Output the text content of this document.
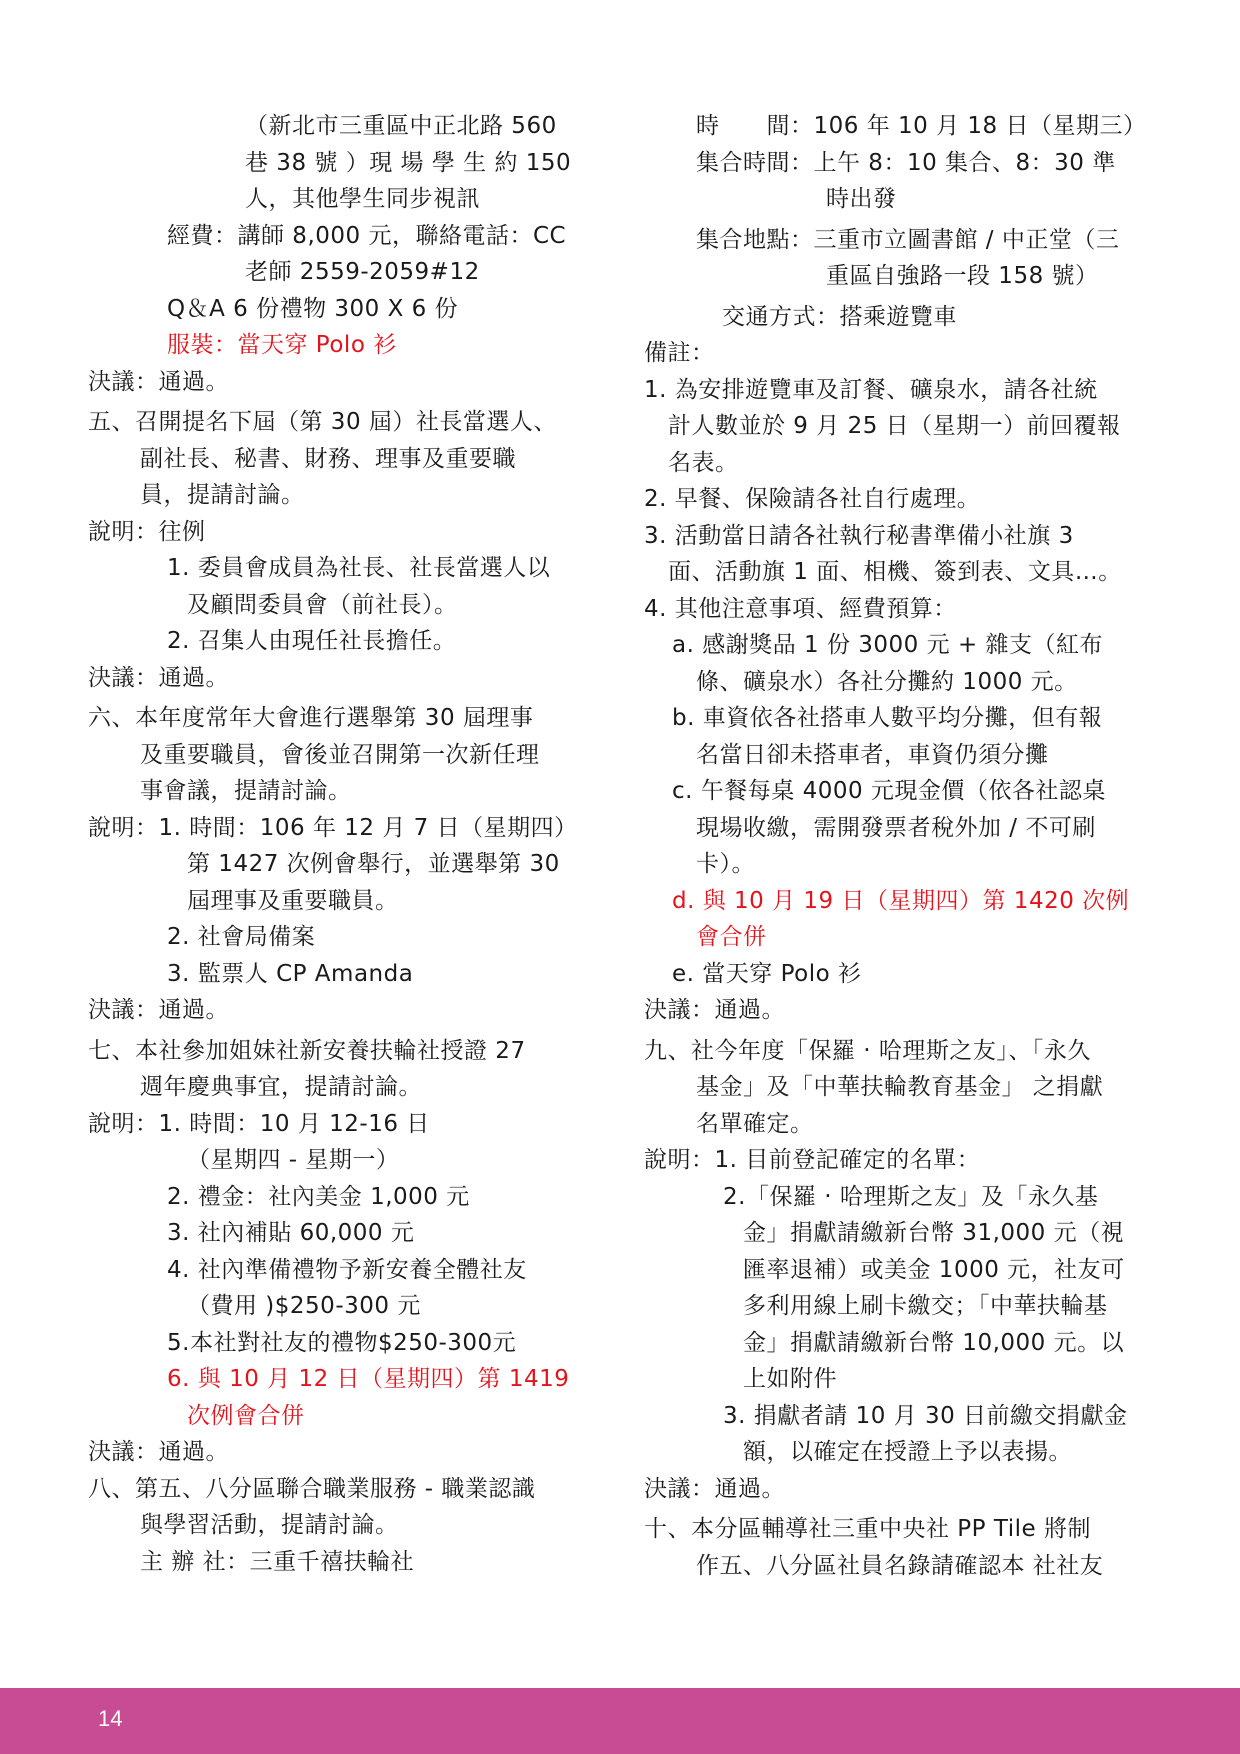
（新北市三重區中正北路 560
巷 38 號 ）現 場 學 生 約 150
人，其他學生同步視訊
經費：講師 8,000 元，聯絡電話：CC
老師 2559-2059#12
Q＆A 6 份禮物 300 X 6 份
服裝：當天穿 Polo 衫
決議：通過。
五、召開提名下屆（第 30 屆）社長當選人、
副社長、秘書、財務、理事及重要職
員，提請討論。
說明：往例
1. 委員會成員為社長、社長當選人以
及顧問委員會（前社長）。
2. 召集人由現任社長擔任。
決議：通過。
六、本年度常年大會進行選舉第 30 屆理事
及重要職員，會後並召開第一次新任理
事會議，提請討論。
說明：1. 時間：106 年 12 月 7 日（星期四）
第 1427 次例會舉行，並選舉第 30
屆理事及重要職員。
2. 社會局備案
3. 監票人 CP Amanda
決議：通過。
七、本社參加姐妹社新安養扶輪社授證 27
週年慶典事宜，提請討論。
說明：1. 時間：10 月 12-16 日
（星期四 - 星期一）
2. 禮金：社內美金 1,000 元
3. 社內補貼 60,000 元
4. 社內準備禮物予新安養全體社友
（費用 )$250-300 元
5.本社對社友的禮物$250-300元
6. 與 10 月 12 日（星期四）第 1419
次例會合併
決議：通過。
八、第五、八分區聯合職業服務 - 職業認識
與學習活動，提請討論。
主 辦 社：三重千禧扶輪社
時　　間：106 年 10 月 18 日（星期三）
集合時間：上午 8：10 集合、8：30 準
時出發
集合地點：三重市立圖書館 / 中正堂（三
重區自強路一段 158 號）
交通方式：搭乘遊覽車
備註：
1. 為安排遊覽車及訂餐、礦泉水，請各社統
計人數並於 9 月 25 日（星期一）前回覆報
名表。
2. 早餐、保險請各社自行處理。
3. 活動當日請各社執行秘書準備小社旗 3
面、活動旗 1 面、相機、簽到表、文具…。
4. 其他注意事項、經費預算：
a. 感謝獎品 1 份 3000 元 + 雜支（紅布
條、礦泉水）各社分攤約 1000 元。
b. 車資依各社搭車人數平均分攤，但有報
名當日卻未搭車者，車資仍須分攤
c. 午餐每桌 4000 元現金價（依各社認桌
現場收繳，需開發票者稅外加 / 不可刷
卡）。
d. 與 10 月 19 日（星期四）第 1420 次例
會合併
e. 當天穿 Polo 衫
決議：通過。
九、社今年度「保羅 ‧ 哈理斯之友」、「永久
基金」及「中華扶輪教育基金」 之捐獻
名單確定。
說明：1. 目前登記確定的名單：
2.「保羅 ‧ 哈理斯之友」及「永久基
金」捐獻請繳新台幣 31,000 元（視
匯率退補）或美金 1000 元，社友可
多利用線上刷卡繳交；「中華扶輪基
金」捐獻請繳新台幣 10,000 元。以
上如附件
3. 捐獻者請 10 月 30 日前繳交捐獻金
額，以確定在授證上予以表揚。
決議：通過。
十、本分區輔導社三重中央社 PP Tile 將制
作五、八分區社員名錄請確認本 社社友
14
